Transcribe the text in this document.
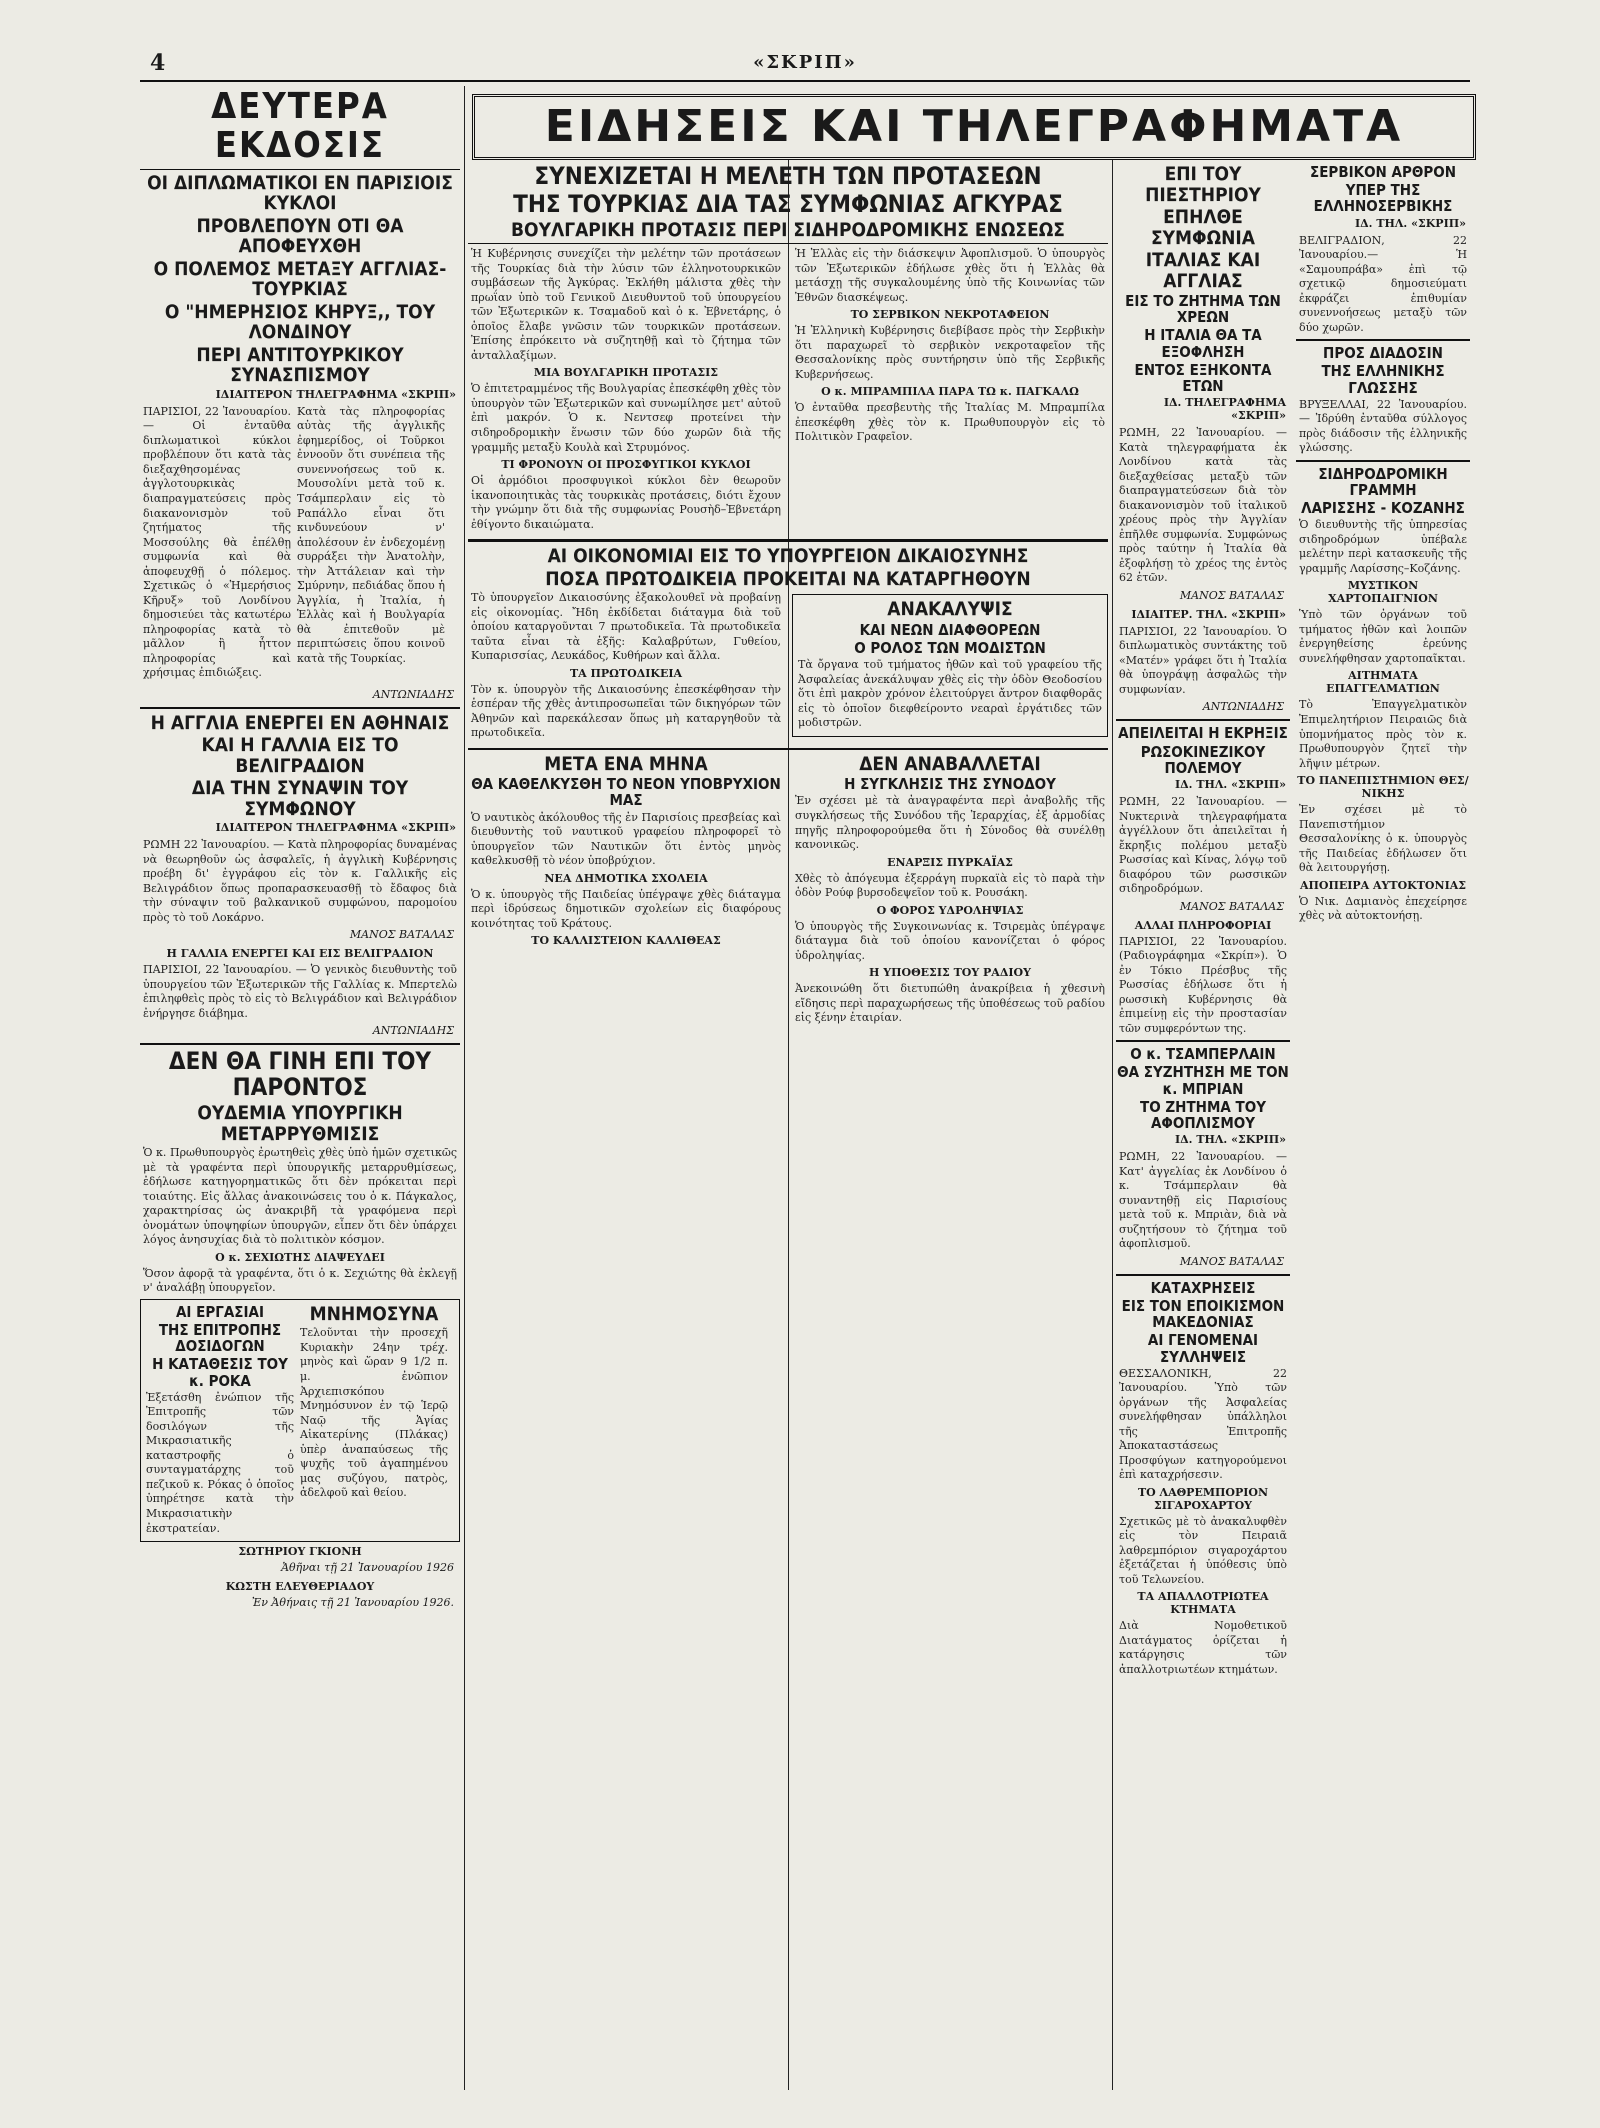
4	«ΣΚΡΙΠ»
ΕΙΔΗΣΕΙΣ ΚΑΙ ΤΗΛΕΓΡΑΦΗΜΑΤΑ
ΔΕΥΤΕΡΑ ΕΚΔΟΣΙΣ
ΟΙ ΔΙΠΛΩΜΑΤΙΚΟΙ ΕΝ ΠΑΡΙΣΙΟΙΣ ΚΥΚΛΟΙ
ΠΡΟΒΛΕΠΟΥΝ ΟΤΙ ΘΑ ΑΠΟΦΕΥΧΘΗ
Ο ΠΟΛΕΜΟΣ ΜΕΤΑΞΥ ΑΓΓΛΙΑΣ-ΤΟΥΡΚΙΑΣ
Ο "ΗΜΕΡΗΣΙΟΣ ΚΗΡΥΞ,, ΤΟΥ ΛΟΝΔΙΝΟΥ
ΠΕΡΙ ΑΝΤΙΤΟΥΡΚΙΚΟΥ ΣΥΝΑΣΠΙΣΜΟΥ
ΙΔΙΑΙΤΕΡΟΝ ΤΗΛΕΓΡΑΦΗΜΑ «ΣΚΡΙΠ»

ΠΑΡΙΣΙΟΙ, 22 Ἰανουαρίου.— Οἱ ἐνταῦθα διπλωματικοὶ κύκλοι προβλέπουν ὅτι κατὰ τὰς διεξαχθησομένας ἀγγλοτουρκικὰς διαπραγματεύσεις πρὸς διακανονισμὸν τοῦ ζητήματος τῆς Μοσσούλης θὰ ἐπέλθῃ συμφωνία καὶ θὰ ἀποφευχθῇ ὁ πόλεμος. Σχετικῶς ὁ «Ἡμερήσιος Κῆρυξ» τοῦ Λονδίνου δημοσιεύει τὰς κατωτέρω πληροφορίας κατὰ τὸ μᾶλλον ἢ ἧττον πληροφορίας καὶ χρήσιμας ἐπιδιώξεις.

Κατὰ τὰς πληροφορίας αὐτὰς τῆς ἀγγλικῆς ἐφημερίδος, οἱ Τοῦρκοι ἐννοοῦν ὅτι συνέπεια τῆς συνεννοήσεως τοῦ κ. Μουσολίνι μετὰ τοῦ κ. Τσάμπερλαιν εἰς τὸ Ραπάλλο εἶναι ὅτι κινδυνεύουν ν' ἀπολέσουν ἐν ἐνδεχομένῃ συρράξει τὴν Ἀνατολὴν, τὴν Ἀττάλειαν καὶ τὴν Σμύρνην, πεδιάδας ὅπου ἡ Ἀγγλία, ἡ Ἰταλία, ἡ Ἑλλὰς καὶ ἡ Βουλγαρία θὰ ἐπιτεθοῦν μὲ περιπτώσεις ὅπου κοινοῦ κατὰ τῆς Τουρκίας.

ΑΝΤΩΝΙΑΔΗΣ
Η ΑΓΓΛΙΑ ΕΝΕΡΓΕΙ ΕΝ ΑΘΗΝΑΙΣ
ΚΑΙ Η ΓΑΛΛΙΑ ΕΙΣ ΤΟ ΒΕΛΙΓΡΑΔΙΟΝ
ΔΙΑ ΤΗΝ ΣΥΝΑΨΙΝ ΤΟΥ ΣΥΜΦΩΝΟΥ
ΙΔΙΑΙΤΕΡΟΝ ΤΗΛΕΓΡΑΦΗΜΑ «ΣΚΡΙΠ»

ΡΩΜΗ 22 Ἰανουαρίου. — Κατὰ πληροφορίας δυναμένας νὰ θεωρηθοῦν ὡς ἀσφαλεῖς, ἡ ἀγγλικὴ Κυβέρνησις προέβη δι' ἐγγράφου εἰς τὸν κ. Γαλλικῆς εἰς Βελιγράδιον ὅπως προπαρασκευασθῇ τὸ ἔδαφος διὰ τὴν σύναψιν τοῦ βαλκανικοῦ συμφώνου, παρομοίου πρὸς τὸ τοῦ Λοκάρνο.

ΜΑΝΟΣ ΒΑΤΑΛΑΣ
Η ΓΑΛΛΙΑ ΕΝΕΡΓΕΙ ΚΑΙ ΕΙΣ ΒΕΛΙΓΡΑΔΙΟΝ

ΠΑΡΙΣΙΟΙ, 22 Ἰανουαρίου. — Ὁ γενικὸς διευθυντὴς τοῦ ὑπουργείου τῶν Ἐξωτερικῶν τῆς Γαλλίας κ. Μπερτελὼ ἐπιληφθεὶς πρὸς τὸ εἰς τὸ Βελιγράδιον καὶ Βελιγράδιον ἐνήργησε διάβημα.

ΑΝΤΩΝΙΑΔΗΣ
ΔΕΝ ΘΑ ΓΙΝΗ ΕΠΙ ΤΟΥ ΠΑΡΟΝΤΟΣ
ΟΥΔΕΜΙΑ ΥΠΟΥΡΓΙΚΗ ΜΕΤΑΡΡΥΘΜΙΣΙΣ

Ὁ κ. Πρωθυπουργὸς ἐρωτηθεὶς χθὲς ὑπὸ ἡμῶν σχετικῶς μὲ τὰ γραφέντα περὶ ὑπουργικῆς μεταρρυθμίσεως, ἐδήλωσε κατηγορηματικῶς ὅτι δὲν πρόκειται περὶ τοιαύτης. Εἰς ἄλλας ἀνακοινώσεις του ὁ κ. Πάγκαλος, χαρακτηρίσας ὡς ἀνακριβῆ τὰ γραφόμενα περὶ ὀνομάτων ὑποψηφίων ὑπουργῶν, εἶπεν ὅτι δὲν ὑπάρχει λόγος ἀνησυχίας διὰ τὸ πολιτικὸν κόσμον.

Ο κ. ΣΕΧΙΩΤΗΣ ΔΙΑΨΕΥΔΕΙ

Ὅσον ἀφορᾷ τὰ γραφέντα, ὅτι ὁ κ. Σεχιώτης θὰ ἐκλεγῇ ν' ἀναλάβῃ ὑπουργεῖον.

ΑΙ ΕΡΓΑΣΙΑΙ
ΤΗΣ ΕΠΙΤΡΟΠΗΣ ΔΟΣΙΔΟΓΩΝ
Η ΚΑΤΑΘΕΣΙΣ ΤΟΥ κ. ΡΟΚΑ

Ἐξετάσθη ἐνώπιον τῆς Ἐπιτροπῆς τῶν δοσιλόγων τῆς Μικρασιατικῆς καταστροφῆς ὁ συνταγματάρχης τοῦ πεζικοῦ κ. Ρόκας ὁ ὁποῖος ὑπηρέτησε κατὰ τὴν Μικρασιατικὴν ἐκστρατείαν.

ΜΝΗΜΟΣΥΝΑ

Τελοῦνται τὴν προσεχῆ Κυριακὴν 24ην τρέχ. μηνὸς καὶ ὥραν 9 1/2 π. μ. ἐνῶπιον Ἀρχιεπισκόπου Μνημόσυνον ἐν τῷ Ἱερῷ Ναῷ τῆς Ἁγίας Αἰκατερίνης (Πλάκας) ὑπὲρ ἀναπαύσεως τῆς ψυχῆς τοῦ ἀγαπημένου μας συζύγου, πατρὸς, ἀδελφοῦ καὶ θείου.

ΣΩΤΗΡΙΟΥ ΓΚΙΟΝΗ
Ἀθῆναι τῇ 21 Ἰανουαρίου 1926
ΚΩΣΤΗ ΕΛΕΥΘΕΡΙΑΔΟΥ
Ἐν Ἀθήναις τῇ 21 Ἰανουαρίου 1926.
ΣΥΝΕΧΙΖΕΤΑΙ Η ΜΕΛΕΤΗ ΤΩΝ ΠΡΟΤΑΣΕΩΝ
ΤΗΣ ΤΟΥΡΚΙΑΣ ΔΙΑ ΤΑΣ ΣΥΜΦΩΝΙΑΣ ΑΓΚΥΡΑΣ
ΒΟΥΛΓΑΡΙΚΗ ΠΡΟΤΑΣΙΣ ΠΕΡΙ ΣΙΔΗΡΟΔΡΟΜΙΚΗΣ ΕΝΩΣΕΩΣ

Ἡ Κυβέρνησις συνεχίζει τὴν μελέτην τῶν προτάσεων τῆς Τουρκίας διὰ τὴν λύσιν τῶν ἑλληνοτουρκικῶν συμβάσεων τῆς Ἀγκύρας. Ἐκλήθη μάλιστα χθὲς τὴν πρωΐαν ὑπὸ τοῦ Γενικοῦ Διευθυντοῦ τοῦ ὑπουργείου τῶν Ἐξωτερικῶν κ. Τσαμαδοῦ καὶ ὁ κ. Ἐβνετάρης, ὁ ὁποῖος ἔλαβε γνῶσιν τῶν τουρκικῶν προτάσεων. Ἐπίσης ἐπρόκειτο νὰ συζητηθῇ καὶ τὸ ζήτημα τῶν ἀνταλλαξίμων.

ΜΙΑ ΒΟΥΛΓΑΡΙΚΗ ΠΡΟΤΑΣΙΣ

Ὁ ἐπιτετραμμένος τῆς Βουλγαρίας ἐπεσκέφθη χθὲς τὸν ὑπουργὸν τῶν Ἐξωτερικῶν καὶ συνωμίλησε μετ' αὐτοῦ ἐπὶ μακρόν. Ὁ κ. Νεντσεφ προτείνει τὴν σιδηροδρομικὴν ἕνωσιν τῶν δύο χωρῶν διὰ τῆς γραμμῆς μεταξὺ Κουλὰ καὶ Στρυμόνος.

ΤΙ ΦΡΟΝΟΥΝ ΟΙ ΠΡΟΣΦΥΓΙΚΟΙ ΚΥΚΛΟΙ

Οἱ ἁρμόδιοι προσφυγικοὶ κύκλοι δὲν θεωροῦν ἱκανοποιητικὰς τὰς τουρκικὰς προτάσεις, διότι ἔχουν τὴν γνώμην ὅτι διὰ τῆς συμφωνίας Ρουσὴδ–Ἐβνετάρη ἐθίγοντο δικαιώματα.

Ἡ Ἑλλὰς εἰς τὴν διάσκεψιν Ἀφοπλισμοῦ. Ὁ ὑπουργὸς τῶν Ἐξωτερικῶν ἐδήλωσε χθὲς ὅτι ἡ Ἑλλὰς θὰ μετάσχῃ τῆς συγκαλουμένης ὑπὸ τῆς Κοινωνίας τῶν Ἐθνῶν διασκέψεως.

ΤΟ ΣΕΡΒΙΚΟΝ ΝΕΚΡΟΤΑΦΕΙΟΝ

Ἡ Ἑλληνικὴ Κυβέρνησις διεβίβασε πρὸς τὴν Σερβικὴν ὅτι παραχωρεῖ τὸ σερβικὸν νεκροταφεῖον τῆς Θεσσαλονίκης πρὸς συντήρησιν ὑπὸ τῆς Σερβικῆς Κυβερνήσεως.

Ο κ. ΜΠΡΑΜΠΙΛΑ ΠΑΡΑ ΤΩ κ. ΠΑΓΚΑΛΩ

Ὁ ἐνταῦθα πρεσβευτὴς τῆς Ἰταλίας Μ. Μπραμπίλα ἐπεσκέφθη χθὲς τὸν κ. Πρωθυπουργὸν εἰς τὸ Πολιτικὸν Γραφεῖον.

ΑΙ ΟΙΚΟΝΟΜΙΑΙ ΕΙΣ ΤΟ ΥΠΟΥΡΓΕΙΟΝ ΔΙΚΑΙΟΣΥΝΗΣ
ΠΟΣΑ ΠΡΩΤΟΔΙΚΕΙΑ ΠΡΟΚΕΙΤΑΙ ΝΑ ΚΑΤΑΡΓΗΘΟΥΝ

Τὸ ὑπουργεῖον Δικαιοσύνης ἐξακολουθεῖ νὰ προβαίνῃ εἰς οἰκονομίας. Ἤδη ἐκδίδεται διάταγμα διὰ τοῦ ὁποίου καταργοῦνται 7 πρωτοδικεῖα. Τὰ πρωτοδικεῖα ταῦτα εἶναι τὰ ἑξῆς: Καλαβρύτων, Γυθείου, Κυπαρισσίας, Λευκάδος, Κυθήρων καὶ ἄλλα.

ΤΑ ΠΡΩΤΟΔΙΚΕΙΑ

Τὸν κ. ὑπουργὸν τῆς Δικαιοσύνης ἐπεσκέφθησαν τὴν ἑσπέραν τῆς χθὲς ἀντιπροσωπεῖαι τῶν δικηγόρων τῶν Ἀθηνῶν καὶ παρεκάλεσαν ὅπως μὴ καταργηθοῦν τὰ πρωτοδικεῖα.

ΑΝΑΚΑΛΥΨΙΣ
ΚΑΙ ΝΕΩΝ ΔΙΑΦΘΟΡΕΩΝ
Ο ΡΟΛΟΣ ΤΩΝ ΜΟΔΙΣΤΩΝ

Τὰ ὄργανα τοῦ τμήματος ἠθῶν καὶ τοῦ γραφείου τῆς Ἀσφαλείας ἀνεκάλυψαν χθὲς εἰς τὴν ὁδὸν Θεοδοσίου ὅτι ἐπὶ μακρὸν χρόνον ἐλειτούργει ἄντρον διαφθορᾶς εἰς τὸ ὁποῖον διεφθείροντο νεαραὶ ἐργάτιδες τῶν μοδιστρῶν.

ΜΕΤΑ ΕΝΑ ΜΗΝΑ
ΘΑ ΚΑΘΕΛΚΥΣΘΗ ΤΟ ΝΕΟΝ ΥΠΟΒΡΥΧΙΟΝ ΜΑΣ

Ὁ ναυτικὸς ἀκόλουθος τῆς ἐν Παρισίοις πρεσβείας καὶ διευθυντὴς τοῦ ναυτικοῦ γραφείου πληροφορεῖ τὸ ὑπουργεῖον τῶν Ναυτικῶν ὅτι ἐντὸς μηνὸς καθελκυσθῇ τὸ νέον ὑποβρύχιον.

ΝΕΑ ΔΗΜΟΤΙΚΑ ΣΧΟΛΕΙΑ

Ὁ κ. ὑπουργὸς τῆς Παιδείας ὑπέγραψε χθὲς διάταγμα περὶ ἱδρύσεως δημοτικῶν σχολείων εἰς διαφόρους κοινότητας τοῦ Κράτους.

ΤΟ ΚΑΛΛΙΣΤΕΙΟΝ ΚΑΛΛΙΘΕΑΣ
ΔΕΝ ΑΝΑΒΑΛΛΕΤΑΙ
Η ΣΥΓΚΛΗΣΙΣ ΤΗΣ ΣΥΝΟΔΟΥ

Ἐν σχέσει μὲ τὰ ἀναγραφέντα περὶ ἀναβολῆς τῆς συγκλήσεως τῆς Συνόδου τῆς Ἱεραρχίας, ἐξ ἁρμοδίας πηγῆς πληροφορούμεθα ὅτι ἡ Σύνοδος θὰ συνέλθῃ κανονικῶς.

ΕΝΑΡΞΙΣ ΠΥΡΚΑΪΑΣ

Χθὲς τὸ ἀπόγευμα ἐξερράγη πυρκαϊὰ εἰς τὸ παρὰ τὴν ὁδὸν Ρούφ βυρσοδεψεῖον τοῦ κ. Ρουσάκη.

Ο ΦΟΡΟΣ ΥΔΡΟΛΗΨΙΑΣ

Ὁ ὑπουργὸς τῆς Συγκοινωνίας κ. Τσιρεμὰς ὑπέγραψε διάταγμα διὰ τοῦ ὁποίου κανονίζεται ὁ φόρος ὑδροληψίας.

Η ΥΠΟΘΕΣΙΣ ΤΟΥ ΡΑΔΙΟΥ

Ἀνεκοινώθη ὅτι διετυπώθη ἀνακρίβεια ἡ χθεσινὴ εἴδησις περὶ παραχωρήσεως τῆς ὑποθέσεως τοῦ ραδίου εἰς ξένην ἑταιρίαν.

ΕΠΙ ΤΟΥ ΠΙΕΣΤΗΡΙΟΥ
ΕΠΗΛΘΕ ΣΥΜΦΩΝΙΑ
ΙΤΑΛΙΑΣ ΚΑΙ ΑΓΓΛΙΑΣ
ΕΙΣ ΤΟ ΖΗΤΗΜΑ ΤΩΝ ΧΡΕΩΝ
Η ΙΤΑΛΙΑ ΘΑ ΤΑ ΕΞΟΦΛΗΣΗ
ΕΝΤΟΣ ΕΞΗΚΟΝΤΑ ΕΤΩΝ
ΙΔ. ΤΗΛΕΓΡΑΦΗΜΑ «ΣΚΡΙΠ»

ΡΩΜΗ, 22 Ἰανουαρίου. — Κατὰ τηλεγραφήματα ἐκ Λονδίνου κατὰ τὰς διεξαχθείσας μεταξὺ τῶν διαπραγματεύσεων διὰ τὸν διακανονισμὸν τοῦ ἰταλικοῦ χρέους πρὸς τὴν Ἀγγλίαν ἐπῆλθε συμφωνία. Συμφώνως πρὸς ταύτην ἡ Ἰταλία θὰ ἐξοφλήσῃ τὸ χρέος της ἐντὸς 62 ἐτῶν.

ΜΑΝΟΣ ΒΑΤΑΛΑΣ
ΙΔΙΑΙΤΕΡ. ΤΗΛ. «ΣΚΡΙΠ»

ΠΑΡΙΣΙΟΙ, 22 Ἰανουαρίου. Ὁ διπλωματικὸς συντάκτης τοῦ «Ματέν» γράφει ὅτι ἡ Ἰταλία θὰ ὑπογράψῃ ἀσφαλῶς τὴν συμφωνίαν.

ΑΝΤΩΝΙΑΔΗΣ
ΑΠΕΙΛΕΙΤΑΙ Η ΕΚΡΗΞΙΣ
ΡΩΣΟΚΙΝΕΖΙΚΟΥ ΠΟΛΕΜΟΥ
ΙΔ. ΤΗΛ. «ΣΚΡΙΠ»

ΡΩΜΗ, 22 Ἰανουαρίου. — Νυκτερινὰ τηλεγραφήματα ἀγγέλλουν ὅτι ἀπειλεῖται ἡ ἔκρηξις πολέμου μεταξὺ Ρωσσίας καὶ Κίνας, λόγῳ τοῦ διαφόρου τῶν ρωσσικῶν σιδηροδρόμων.

ΜΑΝΟΣ ΒΑΤΑΛΑΣ
ΑΛΛΑΙ ΠΛΗΡΟΦΟΡΙΑΙ

ΠΑΡΙΣΙΟΙ, 22 Ἰανουαρίου. (Ραδιογράφημα «Σκρίπ»). Ὁ ἐν Τόκιο Πρέσβυς τῆς Ρωσσίας ἐδήλωσε ὅτι ἡ ρωσσικὴ Κυβέρνησις θὰ ἐπιμείνῃ εἰς τὴν προστασίαν τῶν συμφερόντων της.

Ο κ. ΤΣΑΜΠΕΡΛΑΙΝ
ΘΑ ΣΥΖΗΤΗΣΗ ΜΕ ΤΟΝ κ. ΜΠΡΙΑΝ
ΤΟ ΖΗΤΗΜΑ ΤΟΥ ΑΦΟΠΛΙΣΜΟΥ
ΙΔ. ΤΗΛ. «ΣΚΡΙΠ»

ΡΩΜΗ, 22 Ἰανουαρίου. — Κατ' ἀγγελίας ἐκ Λονδίνου ὁ κ. Τσάμπερλαιν θὰ συναντηθῇ εἰς Παρισίους μετὰ τοῦ κ. Μπριὰν, διὰ νὰ συζητήσουν τὸ ζήτημα τοῦ ἀφοπλισμοῦ.

ΜΑΝΟΣ ΒΑΤΑΛΑΣ
ΚΑΤΑΧΡΗΣΕΙΣ
ΕΙΣ ΤΟΝ ΕΠΟΙΚΙΣΜΟΝ ΜΑΚΕΔΟΝΙΑΣ
ΑΙ ΓΕΝΟΜΕΝΑΙ ΣΥΛΛΗΨΕΙΣ

ΘΕΣΣΑΛΟΝΙΚΗ, 22 Ἰανουαρίου. Ὑπὸ τῶν ὀργάνων τῆς Ἀσφαλείας συνελήφθησαν ὑπάλληλοι τῆς Ἐπιτροπῆς Ἀποκαταστάσεως Προσφύγων κατηγορούμενοι ἐπὶ καταχρήσεσιν.

ΤΟ ΛΑΘΡΕΜΠΟΡΙΟΝ ΣΙΓΑΡΟΧΑΡΤΟΥ

Σχετικῶς μὲ τὸ ἀνακαλυφθὲν εἰς τὸν Πειραιᾶ λαθρεμπόριον σιγαροχάρτου ἐξετάζεται ἡ ὑπόθεσις ὑπὸ τοῦ Τελωνείου.

ΤΑ ΑΠΑΛΛΟΤΡΙΩΤΕΑ ΚΤΗΜΑΤΑ

Διὰ Νομοθετικοῦ Διατάγματος ὁρίζεται ἡ κατάργησις τῶν ἀπαλλοτριωτέων κτημάτων.

ΣΕΡΒΙΚΟΝ ΑΡΘΡΟΝ
ΥΠΕΡ ΤΗΣ ΕΛΛΗΝΟΣΕΡΒΙΚΗΣ
ΙΔ. ΤΗΛ. «ΣΚΡΙΠ»

ΒΕΛΙΓΡΑΔΙΟΝ, 22 Ἰανουαρίου.— Ἡ «Σαμουπράβα» ἐπὶ τῷ σχετικῷ δημοσιεύματι ἐκφράζει ἐπιθυμίαν συνεννοήσεως μεταξὺ τῶν δύο χωρῶν.

ΠΡΟΣ ΔΙΑΔΟΣΙΝ
ΤΗΣ ΕΛΛΗΝΙΚΗΣ ΓΛΩΣΣΗΣ

ΒΡΥΞΕΛΛΑΙ, 22 Ἰανουαρίου. — Ἱδρύθη ἐνταῦθα σύλλογος πρὸς διάδοσιν τῆς ἑλληνικῆς γλώσσης.

ΣΙΔΗΡΟΔΡΟΜΙΚΗ ΓΡΑΜΜΗ
ΛΑΡΙΣΣΗΣ - ΚΟΖΑΝΗΣ

Ὁ διευθυντὴς τῆς ὑπηρεσίας σιδηροδρόμων ὑπέβαλε μελέτην περὶ κατασκευῆς τῆς γραμμῆς Λαρίσσης–Κοζάνης.

ΜΥΣΤΙΚΟΝ ΧΑΡΤΟΠΑΙΓΝΙΟΝ

Ὑπὸ τῶν ὀργάνων τοῦ τμήματος ἠθῶν καὶ λοιπῶν ἐνεργηθείσης ἐρεύνης συνελήφθησαν χαρτοπαῖκται.

ΑΙΤΗΜΑΤΑ ΕΠΑΓΓΕΛΜΑΤΙΩΝ

Τὸ Ἐπαγγελματικὸν Ἐπιμελητήριον Πειραιῶς διὰ ὑπομνήματος πρὸς τὸν κ. Πρωθυπουργὸν ζητεῖ τὴν λῆψιν μέτρων.

ΤΟ ΠΑΝΕΠΙΣΤΗΜΙΟΝ ΘΕΣ/ΝΙΚΗΣ

Ἐν σχέσει μὲ τὸ Πανεπιστήμιον Θεσσαλονίκης ὁ κ. ὑπουργὸς τῆς Παιδείας ἐδήλωσεν ὅτι θὰ λειτουργήσῃ.

ΑΠΟΠΕΙΡΑ ΑΥΤΟΚΤΟΝΙΑΣ

Ὁ Νικ. Δαμιανὸς ἐπεχείρησε χθὲς νὰ αὐτοκτονήσῃ.
